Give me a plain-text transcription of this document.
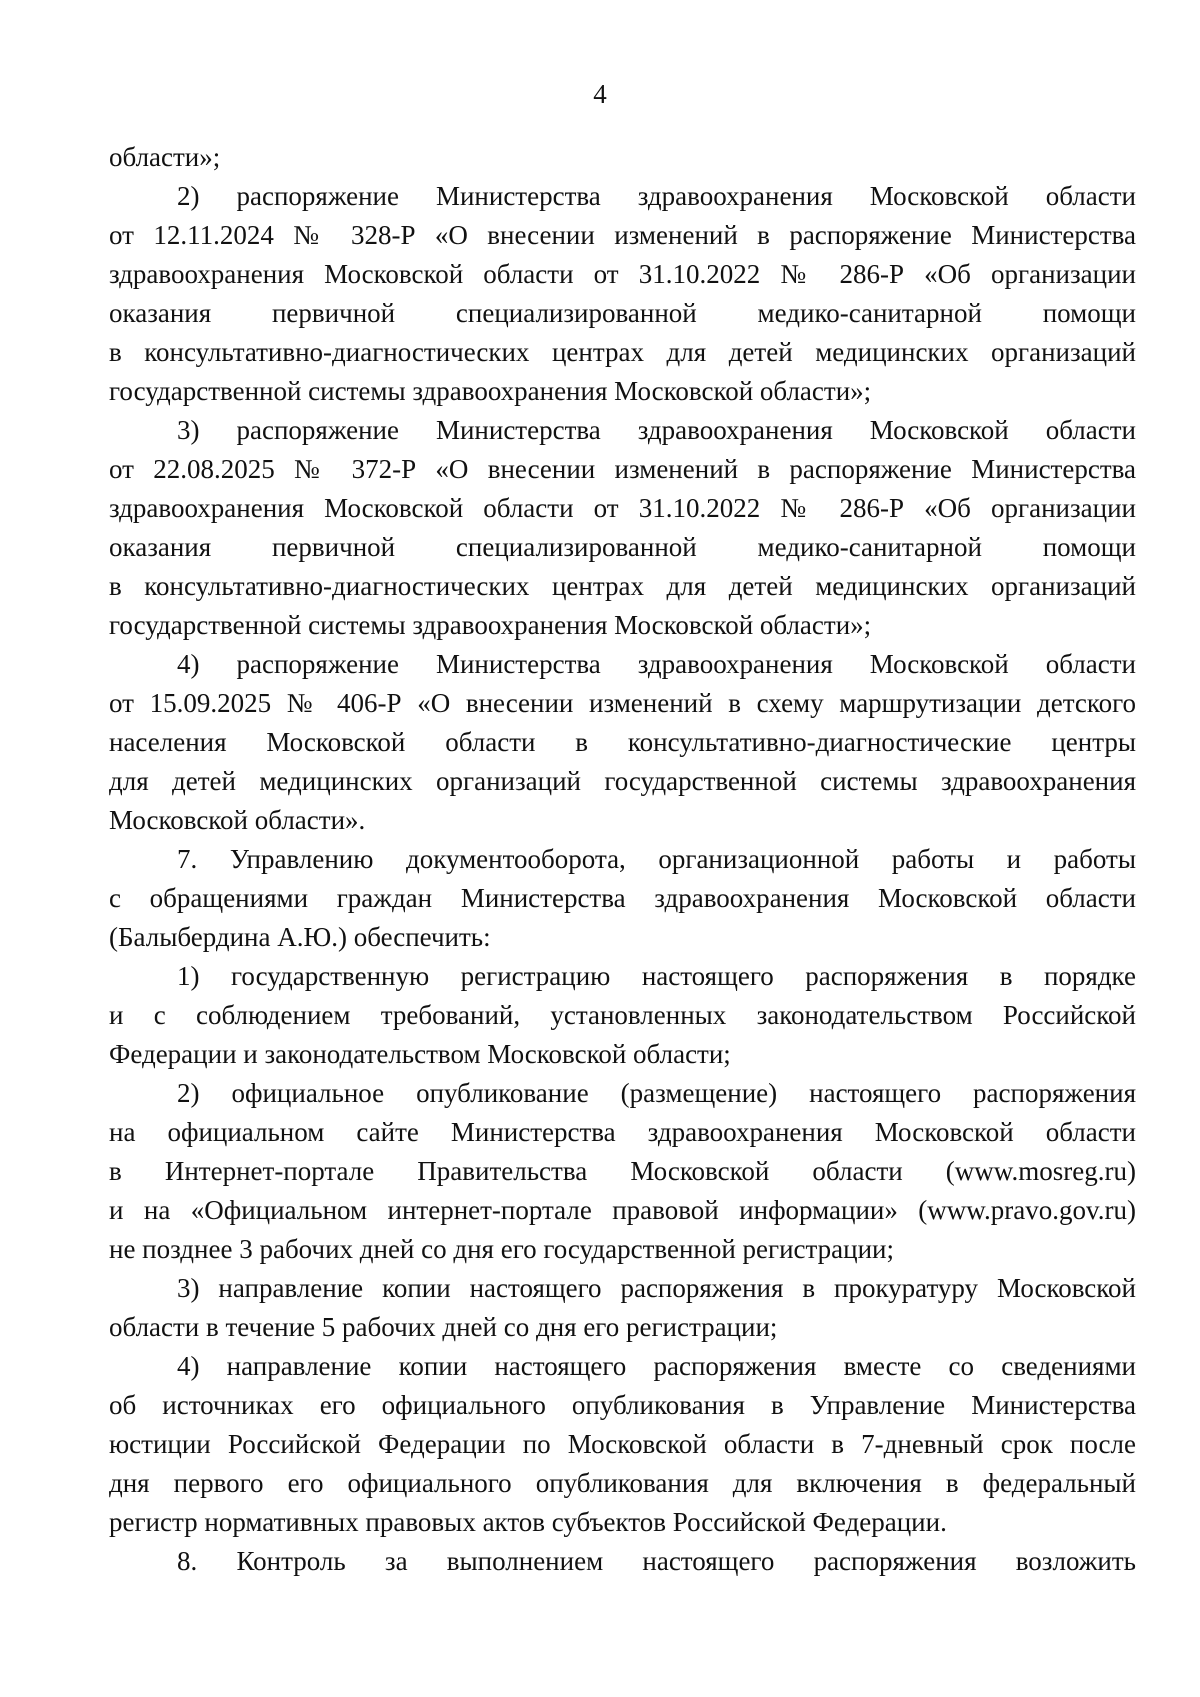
4
области»;
2) распоряжение Министерства здравоохранения Московской области
от 12.11.2024 № 328-Р «О внесении изменений в распоряжение Министерства
здравоохранения Московской области от 31.10.2022 № 286-Р «Об организации
оказания первичной специализированной медико-санитарной помощи
в консультативно-диагностических центрах для детей медицинских организаций
государственной системы здравоохранения Московской области»;
3) распоряжение Министерства здравоохранения Московской области
от 22.08.2025 № 372-Р «О внесении изменений в распоряжение Министерства
здравоохранения Московской области от 31.10.2022 № 286-Р «Об организации
оказания первичной специализированной медико-санитарной помощи
в консультативно-диагностических центрах для детей медицинских организаций
государственной системы здравоохранения Московской области»;
4) распоряжение Министерства здравоохранения Московской области
от 15.09.2025 № 406-Р «О внесении изменений в схему маршрутизации детского
населения Московской области в консультативно-диагностические центры
для детей медицинских организаций государственной системы здравоохранения
Московской области».
7. Управлению документооборота, организационной работы и работы
с обращениями граждан Министерства здравоохранения Московской области
(Балыбердина А.Ю.) обеспечить:
1) государственную регистрацию настоящего распоряжения в порядке
и с соблюдением требований, установленных законодательством Российской
Федерации и законодательством Московской области;
2) официальное опубликование (размещение) настоящего распоряжения
на официальном сайте Министерства здравоохранения Московской области
в Интернет-портале Правительства Московской области (www.mosreg.ru)
и на «Официальном интернет-портале правовой информации» (www.pravo.gov.ru)
не позднее 3 рабочих дней со дня его государственной регистрации;
3) направление копии настоящего распоряжения в прокуратуру Московской
области в течение 5 рабочих дней со дня его регистрации;
4) направление копии настоящего распоряжения вместе со сведениями
об источниках его официального опубликования в Управление Министерства
юстиции Российской Федерации по Московской области в 7-дневный срок после
дня первого его официального опубликования для включения в федеральный
регистр нормативных правовых актов субъектов Российской Федерации.
8. Контроль за выполнением настоящего распоряжения возложить
